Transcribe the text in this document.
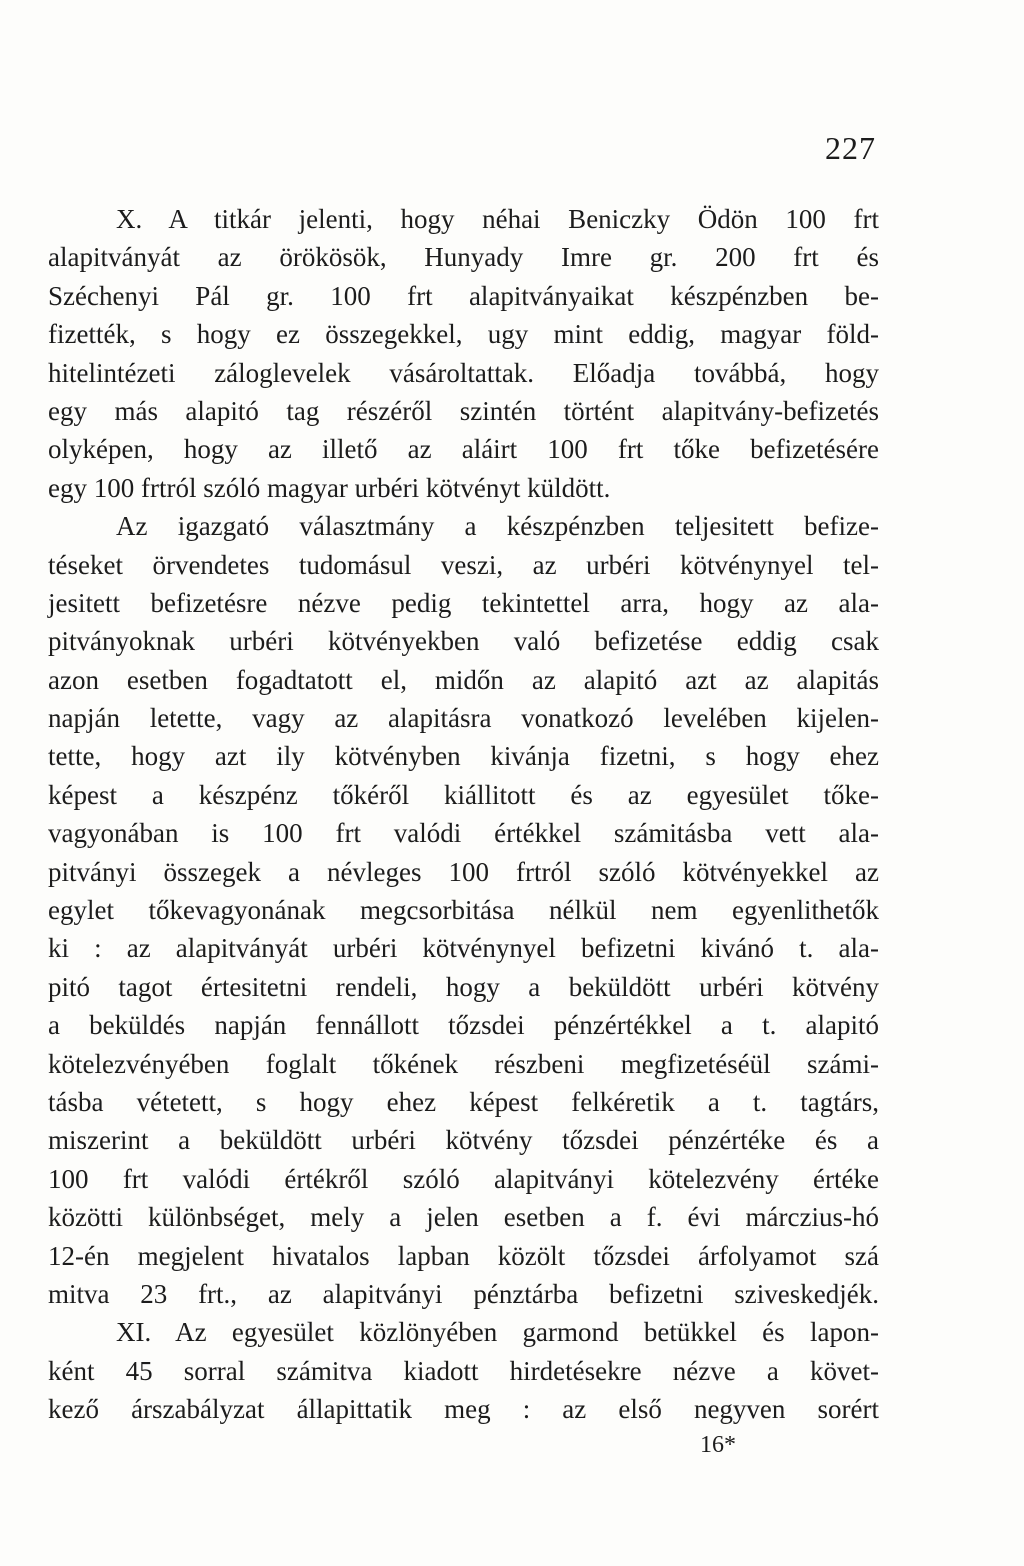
227
X. A titkár jelenti, hogy néhai Beniczky Ödön 100 frt
alapitványát az örökösök, Hunyady Imre gr. 200 frt és
Széchenyi Pál gr. 100 frt alapitványaikat készpénzben be-
fizették, s hogy ez összegekkel, ugy mint eddig, magyar föld-
hitelintézeti záloglevelek vásároltattak. Előadja továbbá, hogy
egy más alapitó tag részéről szintén történt alapitvány-befizetés
olyképen, hogy az illető az aláirt 100 frt tőke befizetésére
egy 100 frtról szóló magyar urbéri kötvényt küldött.
Az igazgató választmány a készpénzben teljesitett befize-
téseket örvendetes tudomásul veszi, az urbéri kötvénynyel tel-
jesitett befizetésre nézve pedig tekintettel arra, hogy az ala-
pitványoknak urbéri kötvényekben való befizetése eddig csak
azon esetben fogadtatott el, midőn az alapitó azt az alapitás
napján letette, vagy az alapitásra vonatkozó levelében kijelen-
tette, hogy azt ily kötvényben kivánja fizetni, s hogy ehez
képest a készpénz tőkéről kiállitott és az egyesület tőke-
vagyonában is 100 frt valódi értékkel számitásba vett ala-
pitványi összegek a névleges 100 frtról szóló kötvényekkel az
egylet tőkevagyonának megcsorbitása nélkül nem egyenlithetők
ki : az alapitványát urbéri kötvénynyel befizetni kivánó t. ala-
pitó tagot értesitetni rendeli, hogy a beküldött urbéri kötvény
a beküldés napján fennállott tőzsdei pénzértékkel a t. alapitó
kötelezvényében foglalt tőkének részbeni megfizetéséül számi-
tásba vétetett, s hogy ehez képest felkéretik a t. tagtárs,
miszerint a beküldött urbéri kötvény tőzsdei pénzértéke és a
100 frt valódi értékről szóló alapitványi kötelezvény értéke
közötti különbséget, mely a jelen esetben a f. évi márczius-hó
12-én megjelent hivatalos lapban közölt tőzsdei árfolyamot szá
mitva 23 frt., az alapitványi pénztárba befizetni sziveskedjék.
XI. Az egyesület közlönyében garmond betükkel és lapon-
ként 45 sorral számitva kiadott hirdetésekre nézve a követ-
kező árszabályzat állapittatik meg : az első negyven sorért
16*
